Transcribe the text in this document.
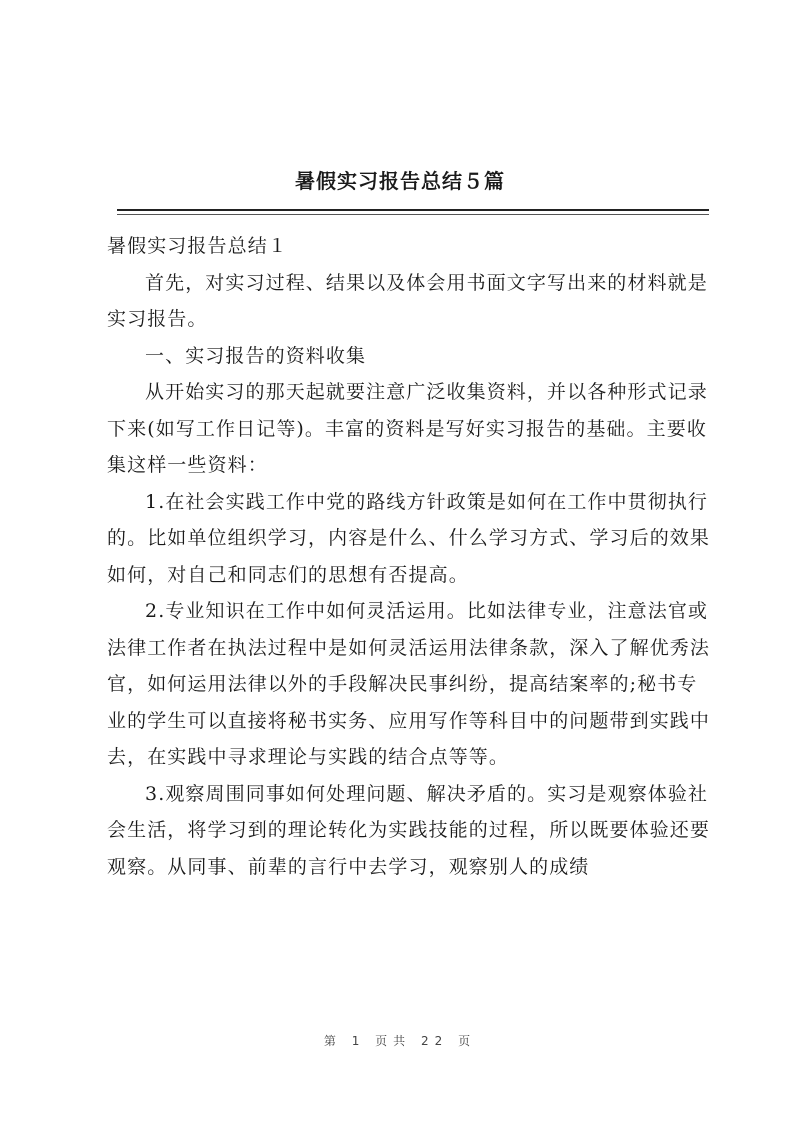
暑假实习报告总结５篇

暑假实习报告总结１

首先，对实习过程、结果以及体会用书面文字写出来的材料就是实习报告。

一、实习报告的资料收集

从开始实习的那天起就要注意广泛收集资料，并以各种形式记录下来(如写工作日记等)。丰富的资料是写好实习报告的基础。主要收集这样一些资料：

1.在社会实践工作中党的路线方针政策是如何在工作中贯彻执行的。比如单位组织学习，内容是什么、什么学习方式、学习后的效果如何，对自己和同志们的思想有否提高。

2.专业知识在工作中如何灵活运用。比如法律专业，注意法官或法律工作者在执法过程中是如何灵活运用法律条款，深入了解优秀法官，如何运用法律以外的手段解决民事纠纷，提高结案率的;秘书专业的学生可以直接将秘书实务、应用写作等科目中的问题带到实践中去，在实践中寻求理论与实践的结合点等等。

3.观察周围同事如何处理问题、解决矛盾的。实习是观察体验社会生活，将学习到的理论转化为实践技能的过程，所以既要体验还要观察。从同事、前辈的言行中去学习，观察别人的成绩

第 1 页共 22 页
